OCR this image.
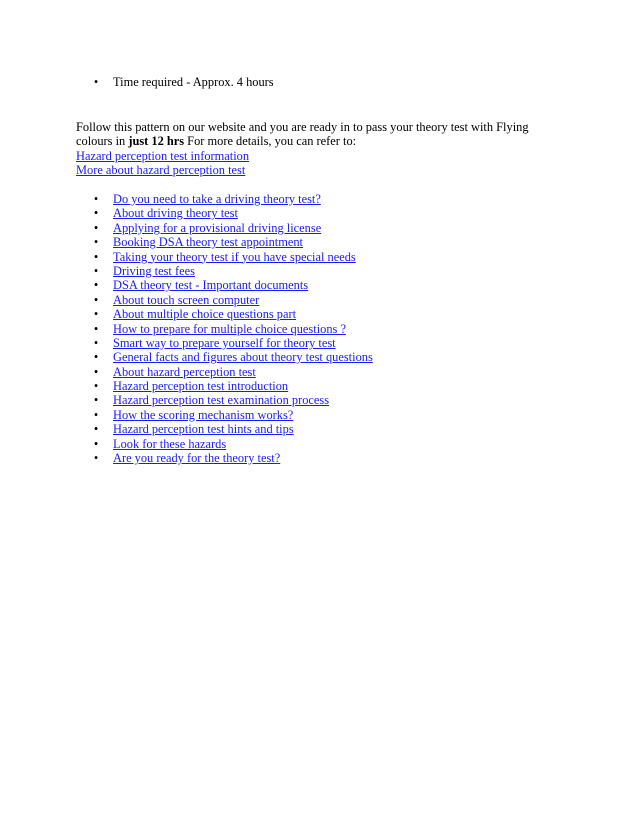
• Time required - Approx. 4 hours

Follow this pattern on our website and you are ready in to pass your theory test with Flying colours in just 12 hrs For more details, you can refer to:

Hazard perception test information
More about hazard perception test
• Do you need to take a driving theory test?
• About driving theory test
• Applying for a provisional driving license
• Booking DSA theory test appointment
• Taking your theory test if you have special needs
• Driving test fees
• DSA theory test - Important documents
• About touch screen computer
• About multiple choice questions part
• How to prepare for multiple choice questions ?
• Smart way to prepare yourself for theory test
• General facts and figures about theory test questions
• About hazard perception test
• Hazard perception test introduction
• Hazard perception test examination process
• How the scoring mechanism works?
• Hazard perception test hints and tips
• Look for these hazards
• Are you ready for the theory test?
